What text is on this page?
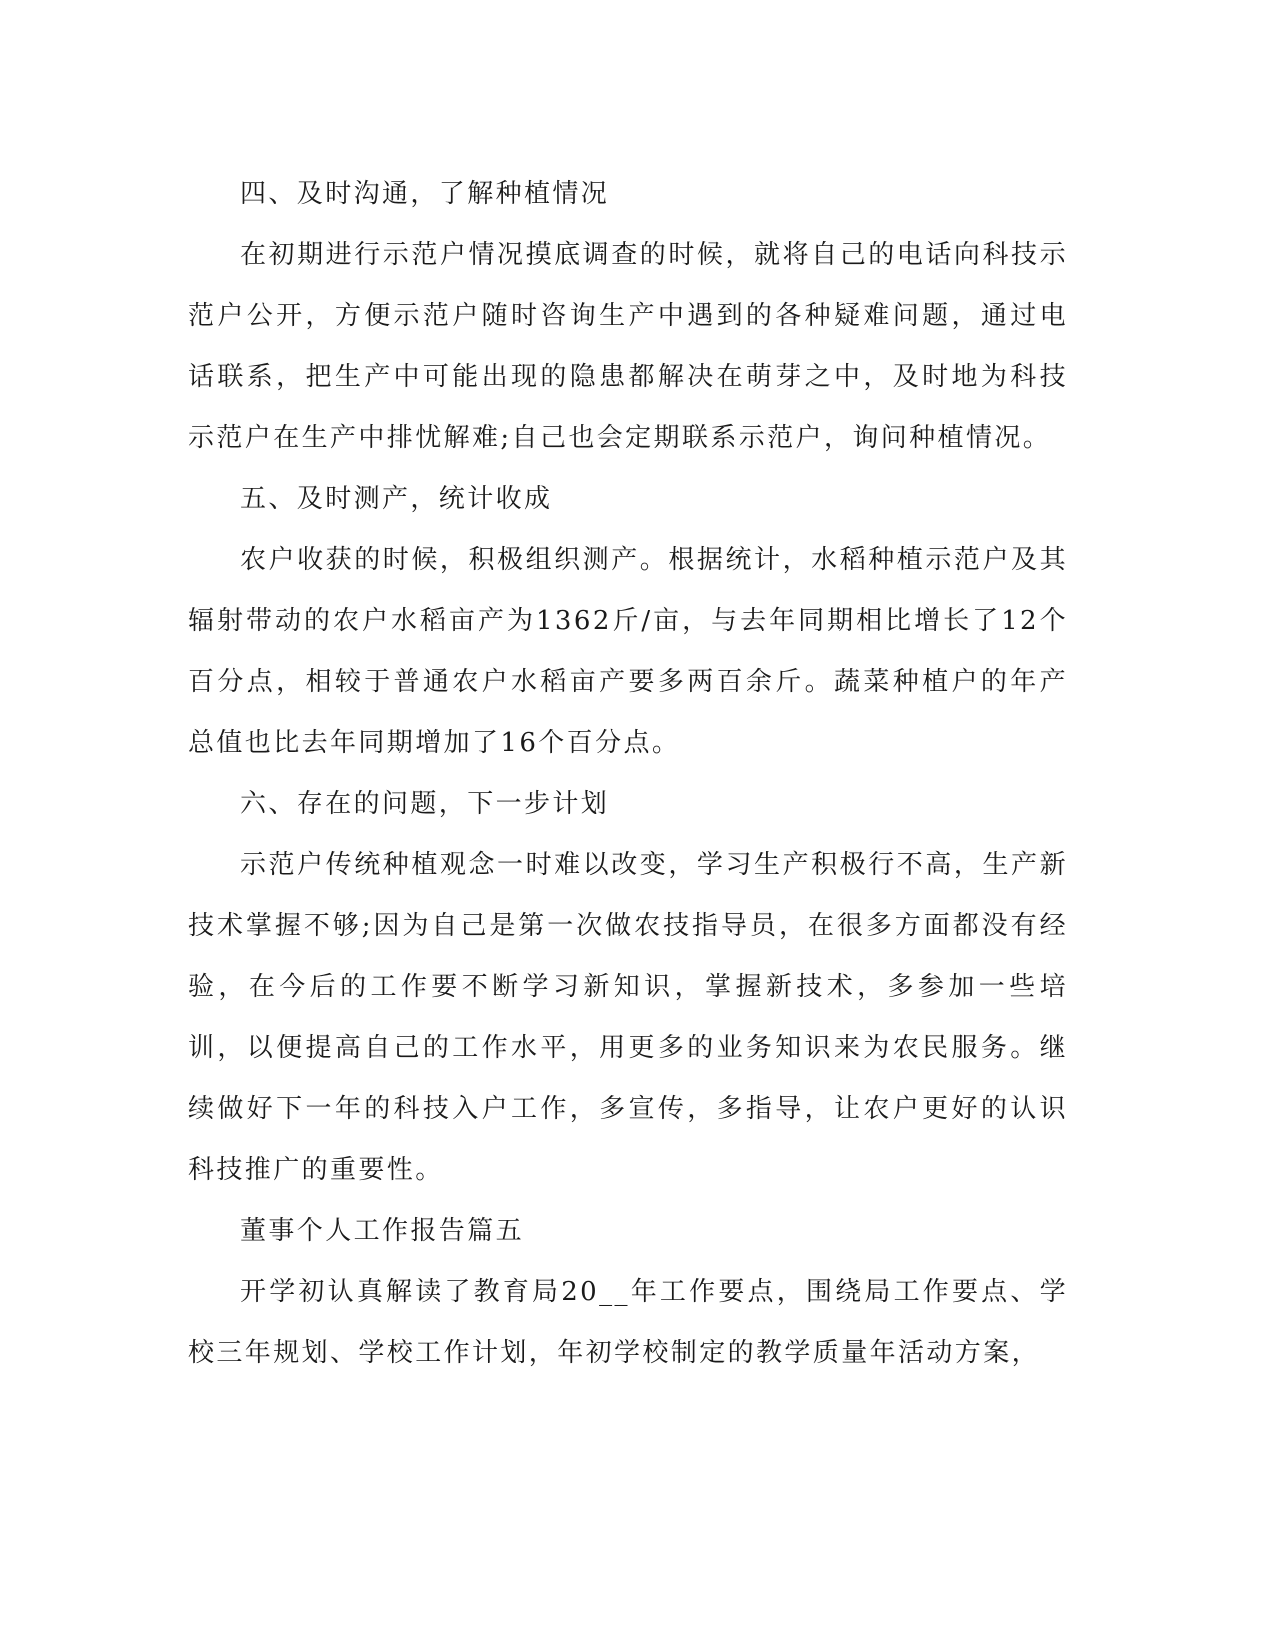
四、及时沟通，了解种植情况

在初期进行示范户情况摸底调查的时候，就将自己的电话向科技示范户公开，方便示范户随时咨询生产中遇到的各种疑难问题，通过电话联系，把生产中可能出现的隐患都解决在萌芽之中，及时地为科技示范户在生产中排忧解难;自己也会定期联系示范户，询问种植情况。

五、及时测产，统计收成

农户收获的时候，积极组织测产。根据统计，水稻种植示范户及其辐射带动的农户水稻亩产为1362斤/亩，与去年同期相比增长了12个百分点，相较于普通农户水稻亩产要多两百余斤。蔬菜种植户的年产总值也比去年同期增加了16个百分点。

六、存在的问题，下一步计划

示范户传统种植观念一时难以改变，学习生产积极行不高，生产新技术掌握不够;因为自己是第一次做农技指导员，在很多方面都没有经验，在今后的工作要不断学习新知识，掌握新技术，多参加一些培训，以便提高自己的工作水平，用更多的业务知识来为农民服务。继续做好下一年的科技入户工作，多宣传，多指导，让农户更好的认识科技推广的重要性。

董事个人工作报告篇五

开学初认真解读了教育局20__年工作要点，围绕局工作要点、学校三年规划、学校工作计划，年初学校制定的教学质量年活动方案，
